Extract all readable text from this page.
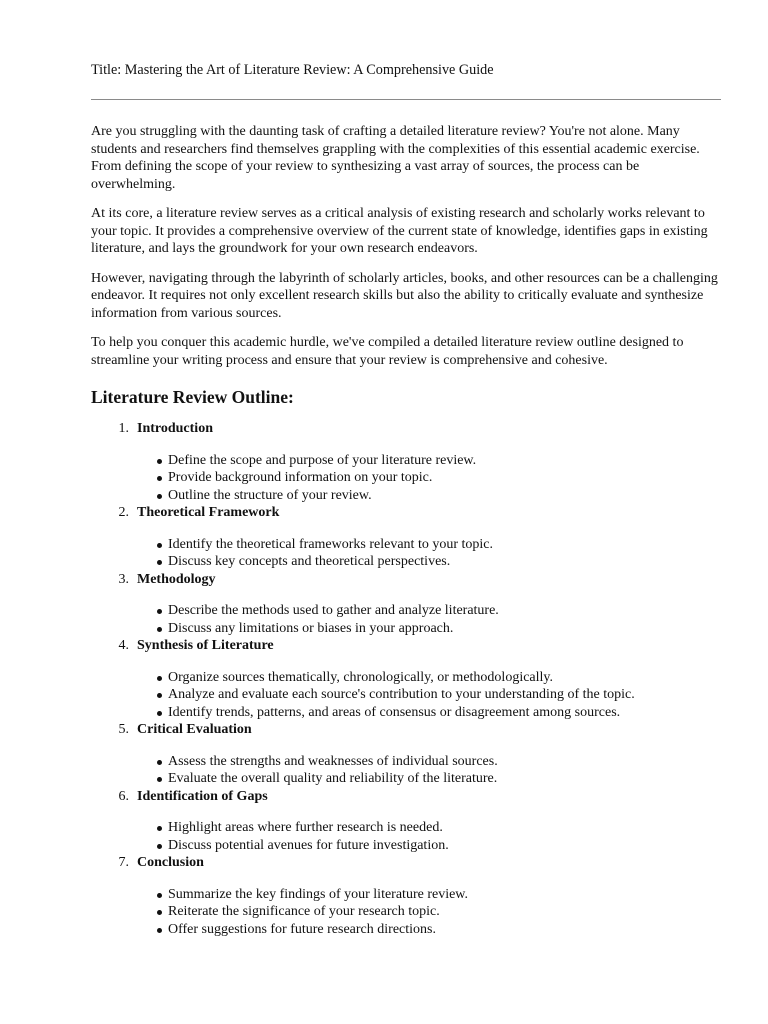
Title: Mastering the Art of Literature Review: A Comprehensive Guide

Are you struggling with the daunting task of crafting a detailed literature review? You're not alone. Many students and researchers find themselves grappling with the complexities of this essential academic exercise. From defining the scope of your review to synthesizing a vast array of sources, the process can be overwhelming.

At its core, a literature review serves as a critical analysis of existing research and scholarly works relevant to your topic. It provides a comprehensive overview of the current state of knowledge, identifies gaps in existing literature, and lays the groundwork for your own research endeavors.

However, navigating through the labyrinth of scholarly articles, books, and other resources can be a challenging endeavor. It requires not only excellent research skills but also the ability to critically evaluate and synthesize information from various sources.

To help you conquer this academic hurdle, we've compiled a detailed literature review outline designed to streamline your writing process and ensure that your review is comprehensive and cohesive.

Literature Review Outline:
1. Introduction
Define the scope and purpose of your literature review.
Provide background information on your topic.
Outline the structure of your review.
2. Theoretical Framework
Identify the theoretical frameworks relevant to your topic.
Discuss key concepts and theoretical perspectives.
3. Methodology
Describe the methods used to gather and analyze literature.
Discuss any limitations or biases in your approach.
4. Synthesis of Literature
Organize sources thematically, chronologically, or methodologically.
Analyze and evaluate each source's contribution to your understanding of the topic.
Identify trends, patterns, and areas of consensus or disagreement among sources.
5. Critical Evaluation
Assess the strengths and weaknesses of individual sources.
Evaluate the overall quality and reliability of the literature.
6. Identification of Gaps
Highlight areas where further research is needed.
Discuss potential avenues for future investigation.
7. Conclusion
Summarize the key findings of your literature review.
Reiterate the significance of your research topic.
Offer suggestions for future research directions.
